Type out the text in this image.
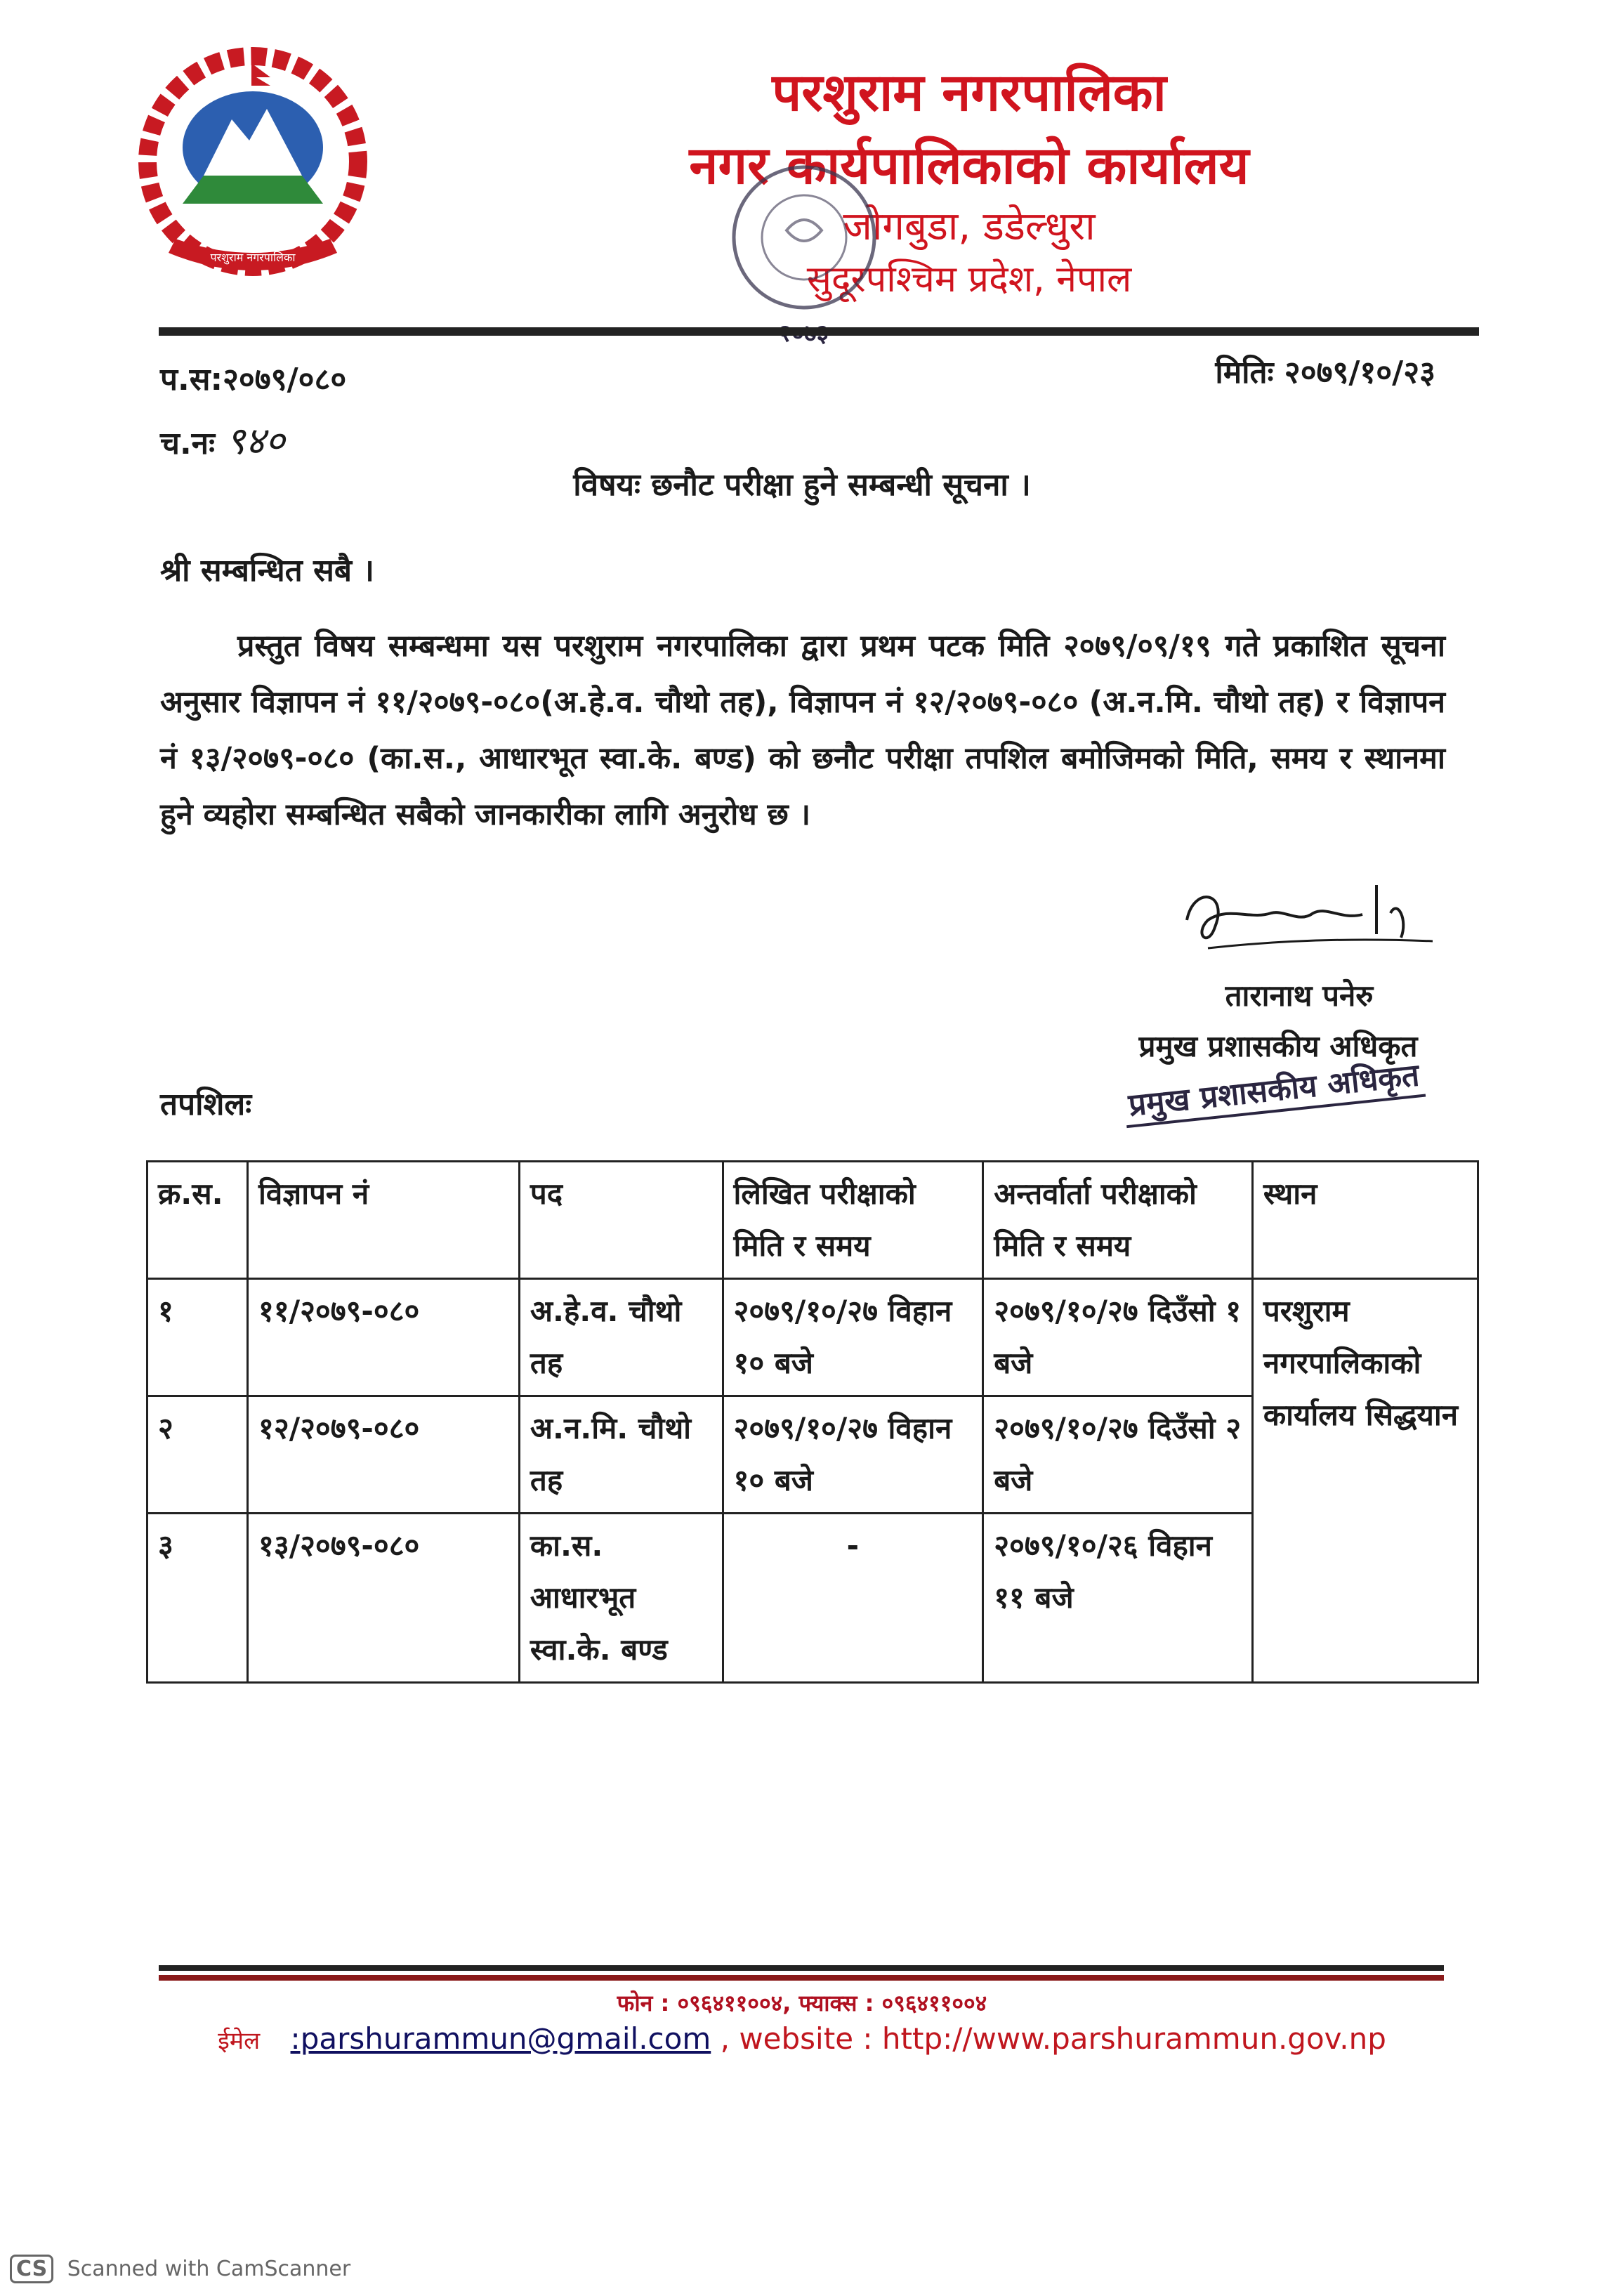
परशुराम नगरपालिका
परशुराम नगरपालिका
नगर कार्यपालिकाको कार्यालय
जोगबुडा, डडेल्धुरा
सुदूरपश्चिम प्रदेश, नेपाल
प.स:२०७९/०८०	मितिः २०७९/१०/२३
च.नः ९४०
विषयः छनौट परीक्षा हुने सम्बन्धी सूचना ।
श्री सम्बन्धित सबै ।
प्रस्तुत विषय सम्बन्धमा यस परशुराम नगरपालिका द्वारा प्रथम पटक मिति २०७९/०९/१९ गते प्रकाशित सूचना अनुसार विज्ञापन नं ११/२०७९-०८०(अ.हे.व. चौथो तह), विज्ञापन नं १२/२०७९-०८० (अ.न.मि. चौथो तह) र विज्ञापन नं १३/२०७९-०८० (का.स., आधारभूत स्वा.के. बण्ड) को छनौट परीक्षा तपशिल बमोजिमको मिति, समय र स्थानमा हुने व्यहोरा सम्बन्धित सबैको जानकारीका लागि अनुरोध छ ।
तारानाथ पनेरु
प्रमुख प्रशासकीय अधिकृत
प्रमुख प्रशासकीय अधिकृत
तपशिलः
क्र.स.	विज्ञापन नं	पद	लिखित परीक्षाको मिति र समय	अन्तर्वार्ता परीक्षाको मिति र समय	स्थान
१	११/२०७९-०८०	अ.हे.व. चौथो तह	२०७९/१०/२७ विहान १० बजे	२०७९/१०/२७ दिउँसो १ बजे	परशुराम नगरपालिकाको कार्यालय सिद्धयान
२	१२/२०७९-०८०	अ.न.मि. चौथो तह	२०७९/१०/२७ विहान १० बजे	२०७९/१०/२७ दिउँसो २ बजे	
३	१३/२०७९-०८०	का.स. आधारभूत स्वा.के. बण्ड	-	२०७९/१०/२६ विहान ११ बजे	
फोन : ०९६४११००४, फ्याक्स : ०९६४११००४
ईमेल :parshurammun@gmail.com , website : http://www.parshurammun.gov.np
CS Scanned with CamScanner
